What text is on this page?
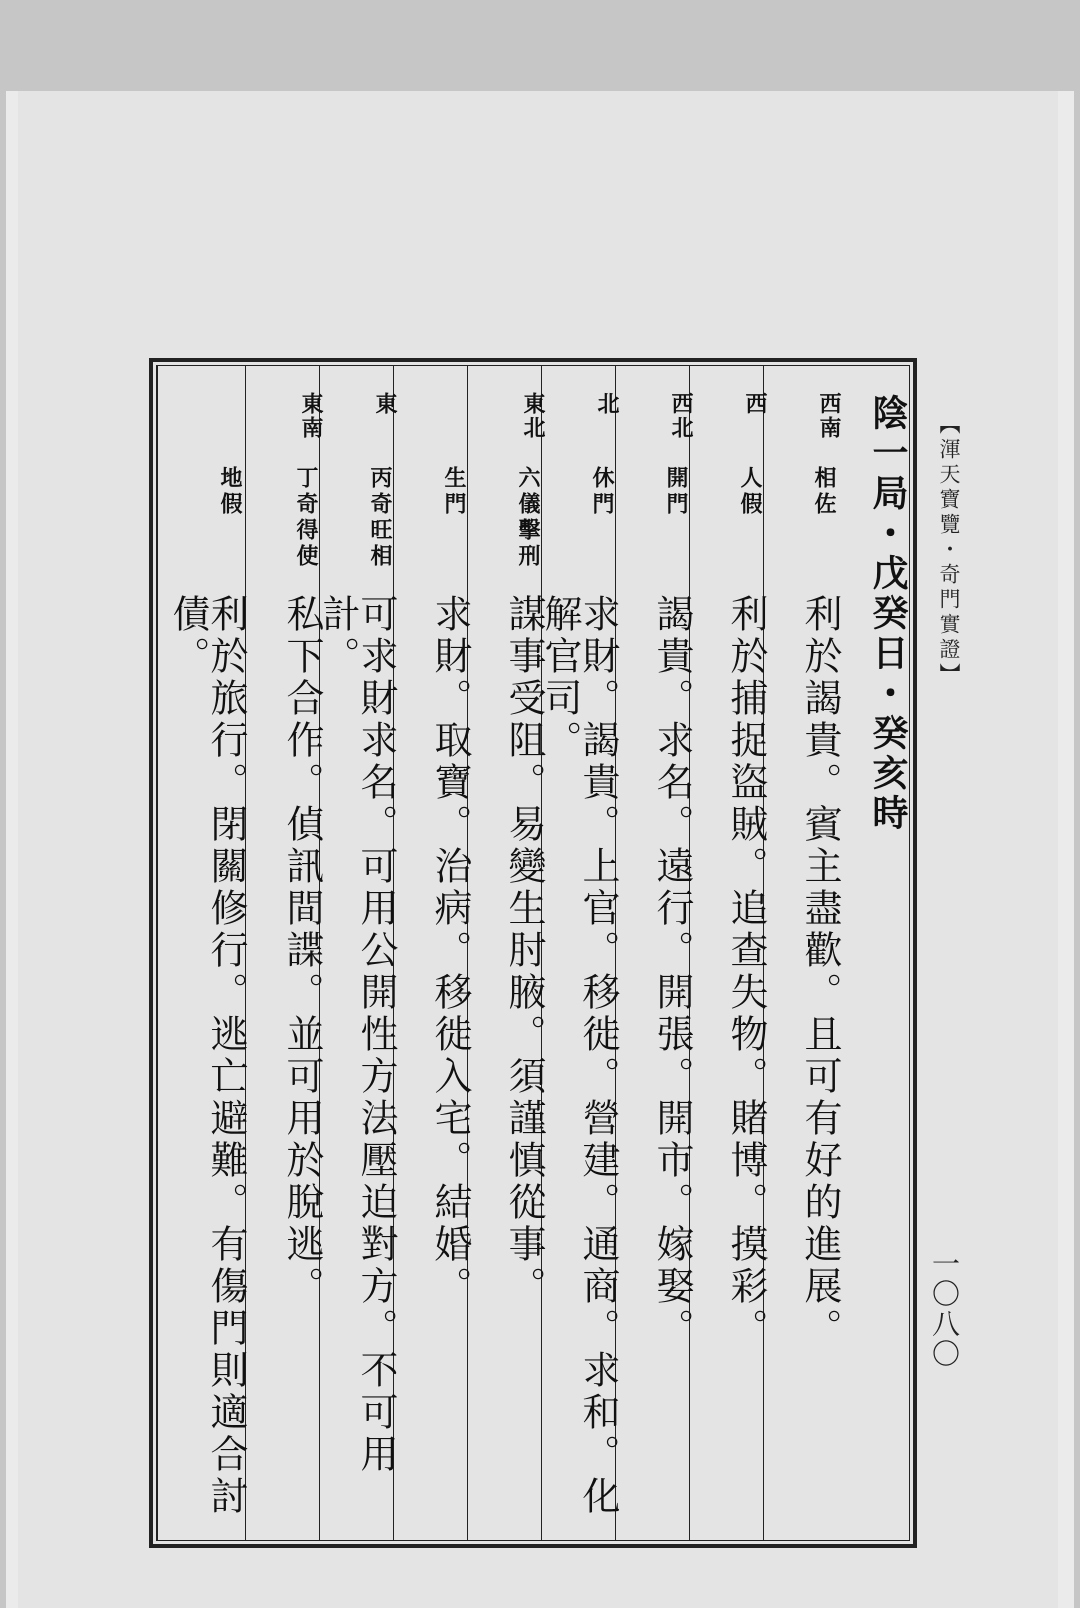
【渾天寶覽・奇門實證】
一〇八〇
陰一局・戊癸日・癸亥時
西南
相佐
利於謁貴。賓主盡歡。且可有好的進展。
西
人假
利於捕捉盜賊。追查失物。賭博。摸彩。
西北
開門
謁貴。求名。遠行。開張。開市。嫁娶。
北
休門
求財。謁貴。上官。移徙。營建。通商。求和。化解官司。
東北
六儀擊刑
謀事受阻。易變生肘腋。須謹慎從事。
生門
求財。取寶。治病。移徙入宅。結婚。
東
丙奇旺相
可求財求名。可用公開性方法壓迫對方。不可用計。
東南
丁奇得使
私下合作。偵訊間諜。並可用於脫逃。
地假
利於旅行。閉關修行。逃亡避難。有傷門則適合討債。
